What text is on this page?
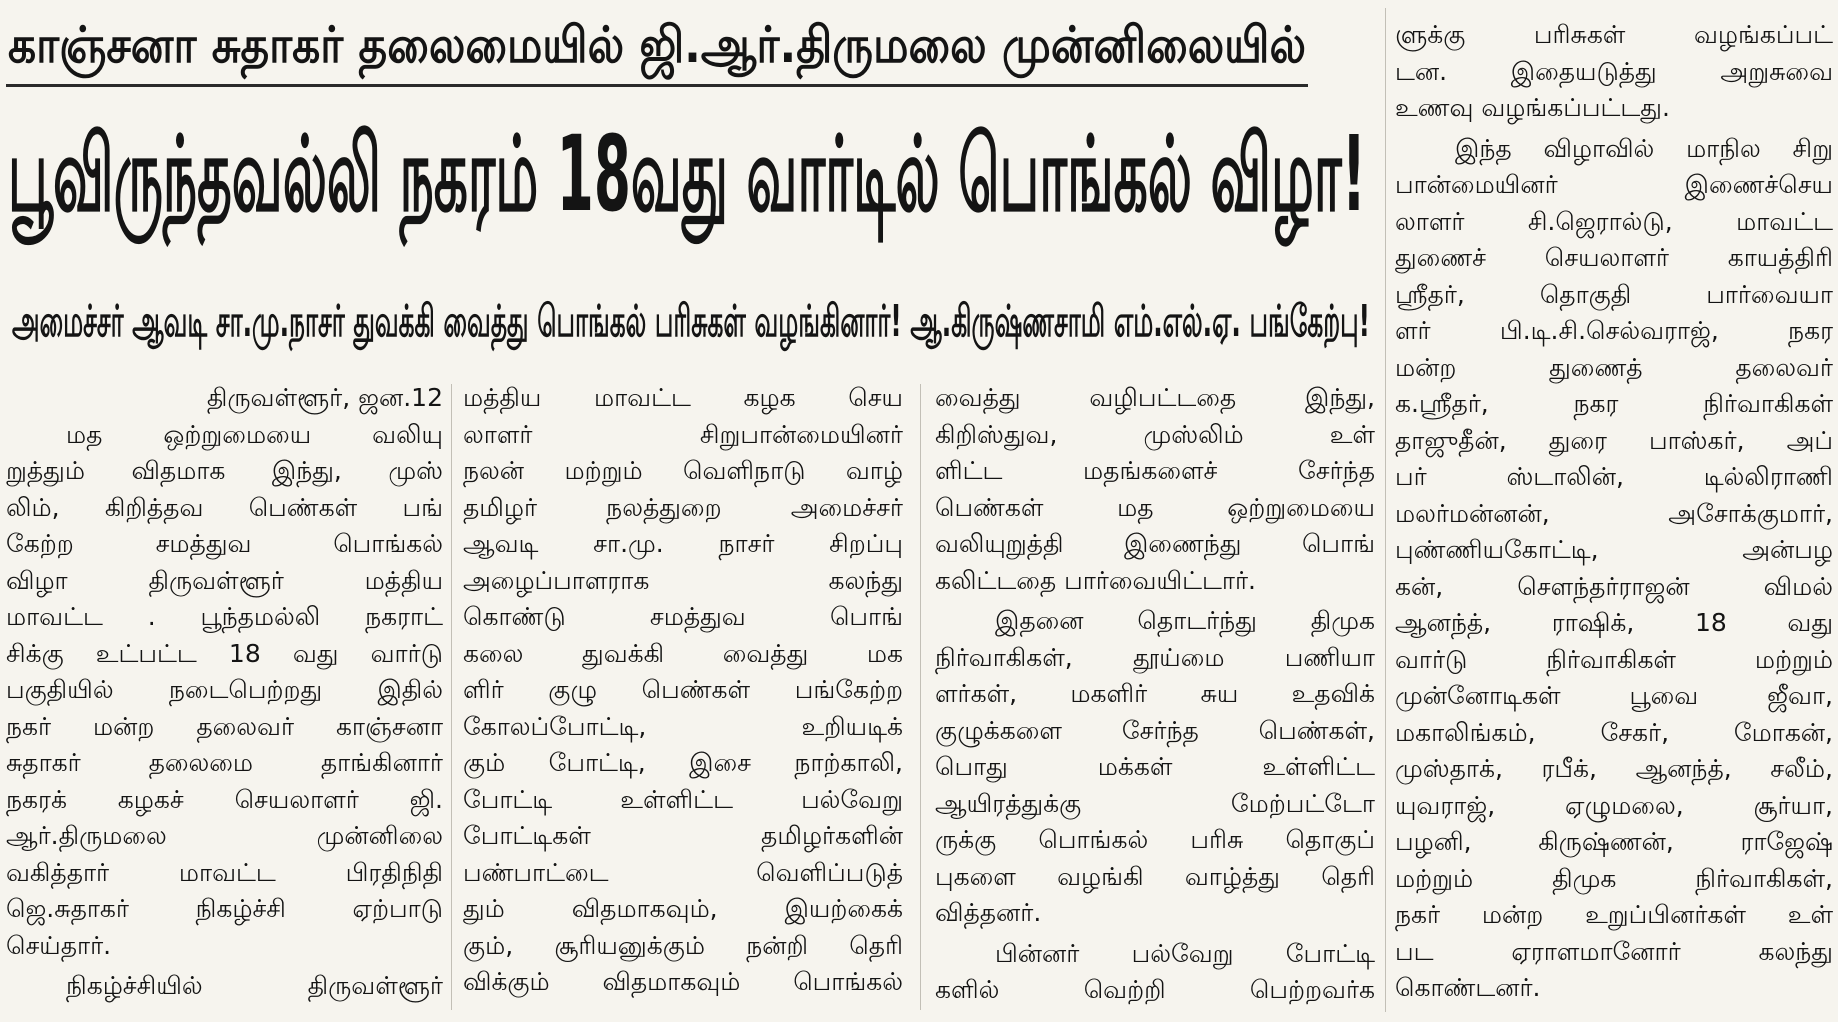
காஞ்சனா சுதாகர் தலைமையில் ஜி.ஆர்.திருமலை முன்னிலையில்
பூவிருந்தவல்லி நகரம் 18வது வார்டில் பொங்கல் விழா!
அமைச்சர் ஆவடி சா.மு.நாசர் துவக்கி வைத்து பொங்கல் பரிசுகள் வழங்கினார்! ஆ.கிருஷ்ணசாமி எம்.எல்.ஏ. பங்கேற்பு!
திருவள்ளூர், ஜன.12
மத ஒற்றுமையை வலியு
றுத்தும் விதமாக இந்து, முஸ்
லிம், கிறித்தவ பெண்கள் பங்
கேற்ற சமத்துவ பொங்கல்
விழா திருவள்ளூர் மத்திய
மாவட்ட . பூந்தமல்லி நகராட்
சிக்கு உட்பட்ட 18 வது வார்டு
பகுதியில் நடைபெற்றது இதில்
நகர் மன்ற தலைவர் காஞ்சனா
சுதாகர் தலைமை தாங்கினார்
நகரக் கழகச் செயலாளர் ஜி.
ஆர்.திருமலை முன்னிலை
வகித்தார் மாவட்ட பிரதிநிதி
ஜெ.சுதாகர் நிகழ்ச்சி ஏற்பாடு
செய்தார்.
நிகழ்ச்சியில் திருவள்ளூர்
மத்திய மாவட்ட கழக செய
லாளர் சிறுபான்மையினர்
நலன் மற்றும் வெளிநாடு வாழ்
தமிழர் நலத்துறை அமைச்சர்
ஆவடி சா.மு. நாசர் சிறப்பு
அழைப்பாளராக கலந்து
கொண்டு சமத்துவ பொங்
கலை துவக்கி வைத்து மக
ளிர் குழு பெண்கள் பங்கேற்ற
கோலப்போட்டி, உறியடிக்
கும் போட்டி, இசை நாற்காலி,
போட்டி உள்ளிட்ட பல்வேறு
போட்டிகள் தமிழர்களின்
பண்பாட்டை வெளிப்படுத்
தும் விதமாகவும், இயற்கைக்
கும், சூரியனுக்கும் நன்றி தெரி
விக்கும் விதமாகவும் பொங்கல்
வைத்து வழிபட்டதை இந்து,
கிறிஸ்துவ, முஸ்லிம் உள்
ளிட்ட மதங்களைச் சேர்ந்த
பெண்கள் மத ஒற்றுமையை
வலியுறுத்தி இணைந்து பொங்
கலிட்டதை பார்வையிட்டார்.
இதனை தொடர்ந்து திமுக
நிர்வாகிகள், தூய்மை பணியா
ளர்கள், மகளிர் சுய உதவிக்
குழுக்களை சேர்ந்த பெண்கள்,
பொது மக்கள் உள்ளிட்ட
ஆயிரத்துக்கு மேற்பட்டோ
ருக்கு பொங்கல் பரிசு தொகுப்
புகளை வழங்கி வாழ்த்து தெரி
வித்தனர்.
பின்னர் பல்வேறு போட்டி
களில் வெற்றி பெற்றவர்க
ளுக்கு பரிசுகள் வழங்கப்பட்
டன. இதையடுத்து அறுசுவை
உணவு வழங்கப்பட்டது.
இந்த விழாவில் மாநில சிறு
பான்மையினர் இணைச்செய
லாளர் சி.ஜெரால்டு, மாவட்ட
துணைச் செயலாளர் காயத்திரி
ஸ்ரீதர், தொகுதி பார்வையா
ளர் பி.டி.சி.செல்வராஜ், நகர
மன்ற துணைத் தலைவர்
க.ஸ்ரீதர், நகர நிர்வாகிகள்
தாஜுதீன், துரை பாஸ்கர், அப்
பர் ஸ்டாலின், டில்லிராணி
மலர்மன்னன், அசோக்குமார்,
புண்ணியகோட்டி, அன்பழ
கன், சௌந்தர்ராஜன் விமல்
ஆனந்த், ராஷிக், 18 வது
வார்டு நிர்வாகிகள் மற்றும்
முன்னோடிகள் பூவை ஜீவா,
மகாலிங்கம், சேகர், மோகன்,
முஸ்தாக், ரபீக், ஆனந்த், சலீம்,
யுவராஜ், ஏழுமலை, சூர்யா,
பழனி, கிருஷ்ணன், ராஜேஷ்
மற்றும் திமுக நிர்வாகிகள்,
நகர் மன்ற உறுப்பினர்கள் உள்
பட ஏராளமானோர் கலந்து
கொண்டனர்.
